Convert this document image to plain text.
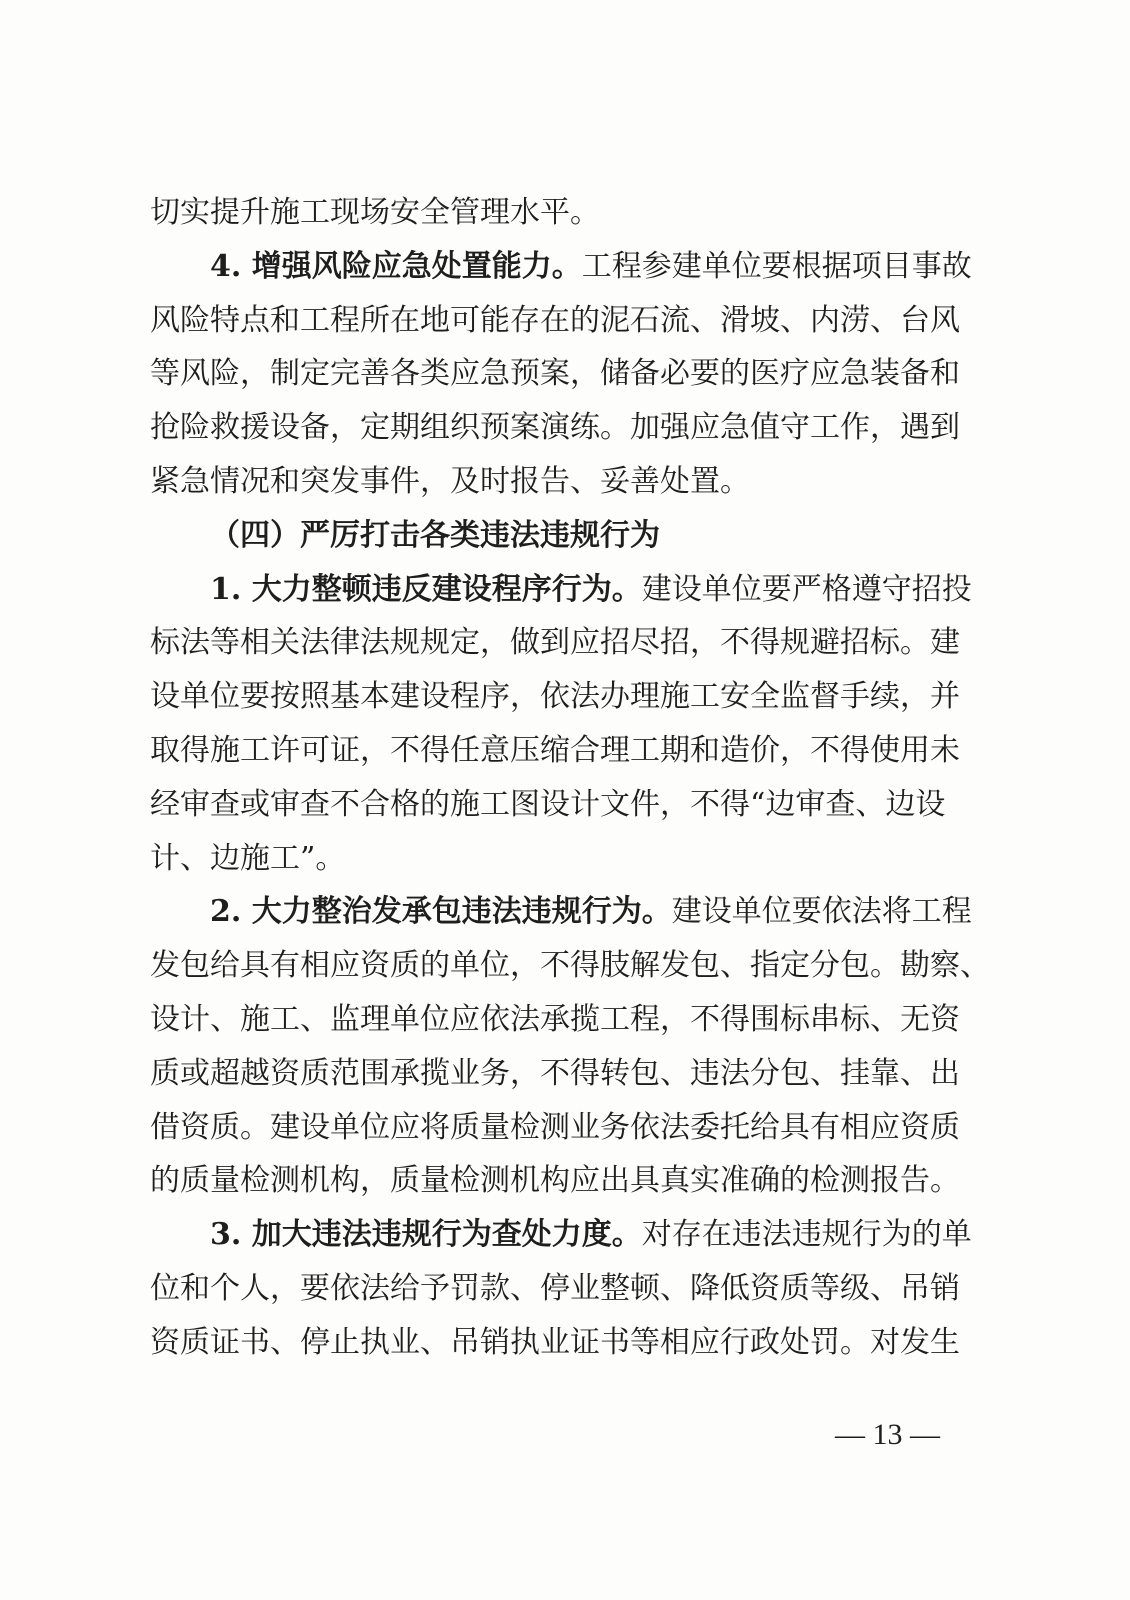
切实提升施工现场安全管理水平。
4. 增强风险应急处置能力。工程参建单位要根据项目事故
风险特点和工程所在地可能存在的泥石流、滑坡、内涝、台风
等风险，制定完善各类应急预案，储备必要的医疗应急装备和
抢险救援设备，定期组织预案演练。加强应急值守工作，遇到
紧急情况和突发事件，及时报告、妥善处置。
（四）严厉打击各类违法违规行为
1. 大力整顿违反建设程序行为。建设单位要严格遵守招投
标法等相关法律法规规定，做到应招尽招，不得规避招标。建
设单位要按照基本建设程序，依法办理施工安全监督手续，并
取得施工许可证，不得任意压缩合理工期和造价，不得使用未
经审查或审查不合格的施工图设计文件，不得“边审查、边设
计、边施工”。
2. 大力整治发承包违法违规行为。建设单位要依法将工程
发包给具有相应资质的单位，不得肢解发包、指定分包。勘察、
设计、施工、监理单位应依法承揽工程，不得围标串标、无资
质或超越资质范围承揽业务，不得转包、违法分包、挂靠、出
借资质。建设单位应将质量检测业务依法委托给具有相应资质
的质量检测机构，质量检测机构应出具真实准确的检测报告。
3. 加大违法违规行为查处力度。对存在违法违规行为的单
位和个人，要依法给予罚款、停业整顿、降低资质等级、吊销
资质证书、停止执业、吊销执业证书等相应行政处罚。对发生
— 13 —
